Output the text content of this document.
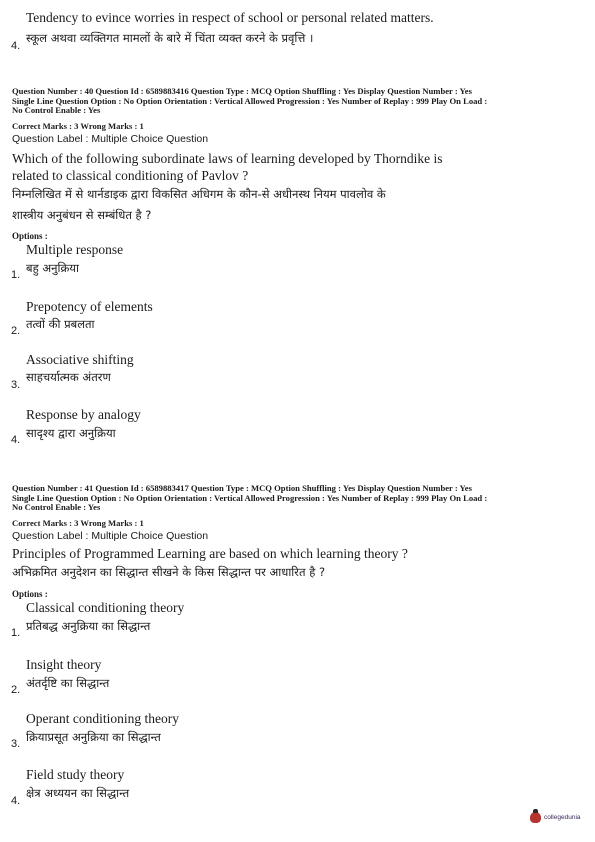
Tendency to evince worries in respect of school or personal related matters.
4.
स्कूल अथवा व्यक्तिगत मामलों के बारे में चिंता व्यक्त करने के प्रवृत्ति ।
Question Number : 40 Question Id : 6589883416 Question Type : MCQ Option Shuffling : Yes Display Question Number : Yes
Single Line Question Option : No Option Orientation : Vertical Allowed Progression : Yes Number of Replay : 999 Play On Load :
No Control Enable : Yes
Correct Marks : 3 Wrong Marks : 1
Question Label : Multiple Choice Question
Which of the following subordinate laws of learning developed by Thorndike is
related to classical conditioning of Pavlov ?
निम्नलिखित में से थार्नडाइक द्वारा विकसित अधिगम के कौन-से अधीनस्थ नियम पावलोव के
शास्त्रीय अनुबंधन से सम्बंधित है ?
Options :
Multiple response
बहु अनुक्रिया
1.
Prepotency of elements
तत्वों की प्रबलता
2.
Associative shifting
साहचर्यात्मक अंतरण
3.
Response by analogy
सादृश्य द्वारा अनुक्रिया
4.
Question Number : 41 Question Id : 6589883417 Question Type : MCQ Option Shuffling : Yes Display Question Number : Yes
Single Line Question Option : No Option Orientation : Vertical Allowed Progression : Yes Number of Replay : 999 Play On Load :
No Control Enable : Yes
Correct Marks : 3 Wrong Marks : 1
Question Label : Multiple Choice Question
Principles of Programmed Learning are based on which learning theory ?
अभिक्रमित अनुदेशन का सिद्धान्त सीखने के किस सिद्धान्त पर आधारित है ?
Options :
Classical conditioning theory
प्रतिबद्ध अनुक्रिया का सिद्धान्त
1.
Insight theory
अंतर्दृष्टि का सिद्धान्त
2.
Operant conditioning theory
क्रियाप्रसूत अनुक्रिया का सिद्धान्त
3.
Field study theory
क्षेत्र अध्ययन का सिद्धान्त
4.
collegedunia
